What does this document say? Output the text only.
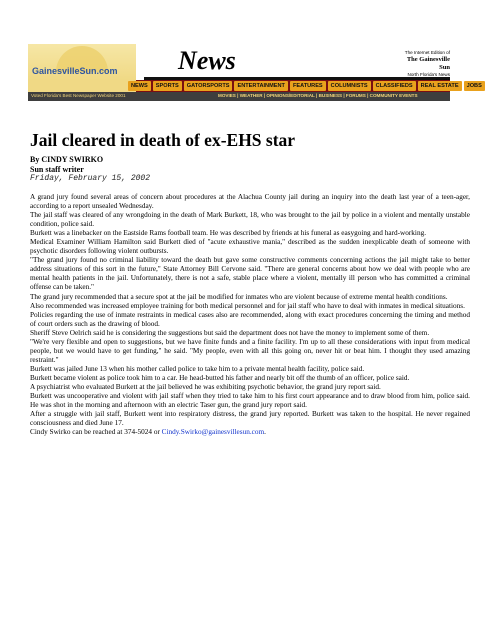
GainesvilleSun.com News	The Internet Edition of
The Gainesville Sun
North Florida's News
NEWS	SPORTS	GATORSPORTS	ENTERTAINMENT	FEATURES	COLUMNISTS	CLASSIFIEDS	REAL ESTATE	JOBS
Voted Florida's Best Newspaper Website 2001	MOVIES | WEATHER | OPINIONS/EDITORIAL | BUSINESS | FORUMS | COMMUNITY EVENTS
Jail cleared in death of ex-EHS star

By CINDY SWIRKO

Sun staff writer

Friday, February 15, 2002

A grand jury found several areas of concern about procedures at the Alachua County jail during an inquiry into the death last year of a teen-ager, according to a report unsealed Wednesday.

The jail staff was cleared of any wrongdoing in the death of Mark Burkett, 18, who was brought to the jail by police in a violent and mentally unstable condition, police said.

Burkett was a linebacker on the Eastside Rams football team. He was described by friends at his funeral as easygoing and hard-working.

Medical Examiner William Hamilton said Burkett died of "acute exhaustive mania," described as the sudden inexplicable death of someone with psychotic disorders following violent outbursts.

"The grand jury found no criminal liability toward the death but gave some constructive comments concerning actions the jail might take to better address situations of this sort in the future," State Attorney Bill Cervone said. "There are general concerns about how we deal with people who are mental health patients in the jail. Unfortunately, there is not a safe, stable place where a violent, mentally ill person who has committed a criminal offense can be taken."

The grand jury recommended that a secure spot at the jail be modified for inmates who are violent because of extreme mental health conditions.

Also recommended was increased employee training for both medical personnel and for jail staff who have to deal with inmates in medical situations.

Policies regarding the use of inmate restraints in medical cases also are recommended, along with exact procedures concerning the timing and method of court orders such as the drawing of blood.

Sheriff Steve Oelrich said he is considering the suggestions but said the department does not have the money to implement some of them.

"We're very flexible and open to suggestions, but we have finite funds and a finite facility. I'm up to all these considerations with input from medical people, but we would have to get funding," he said. "My people, even with all this going on, never hit or beat him. I thought they used amazing restraint."

Burkett was jailed June 13 when his mother called police to take him to a private mental health facility, police said.

Burkett became violent as police took him to a car. He head-butted his father and nearly bit off the thumb of an officer, police said.

A psychiatrist who evaluated Burkett at the jail believed he was exhibiting psychotic behavior, the grand jury report said.

Burkett was uncooperative and violent with jail staff when they tried to take him to his first court appearance and to draw blood from him, police said. He was shot in the morning and afternoon with an electric Taser gun, the grand jury report said.

After a struggle with jail staff, Burkett went into respiratory distress, the grand jury reported. Burkett was taken to the hospital. He never regained consciousness and died June 17.

Cindy Swirko can be reached at 374-5024 or Cindy.Swirko@gainesvillesun.com.
